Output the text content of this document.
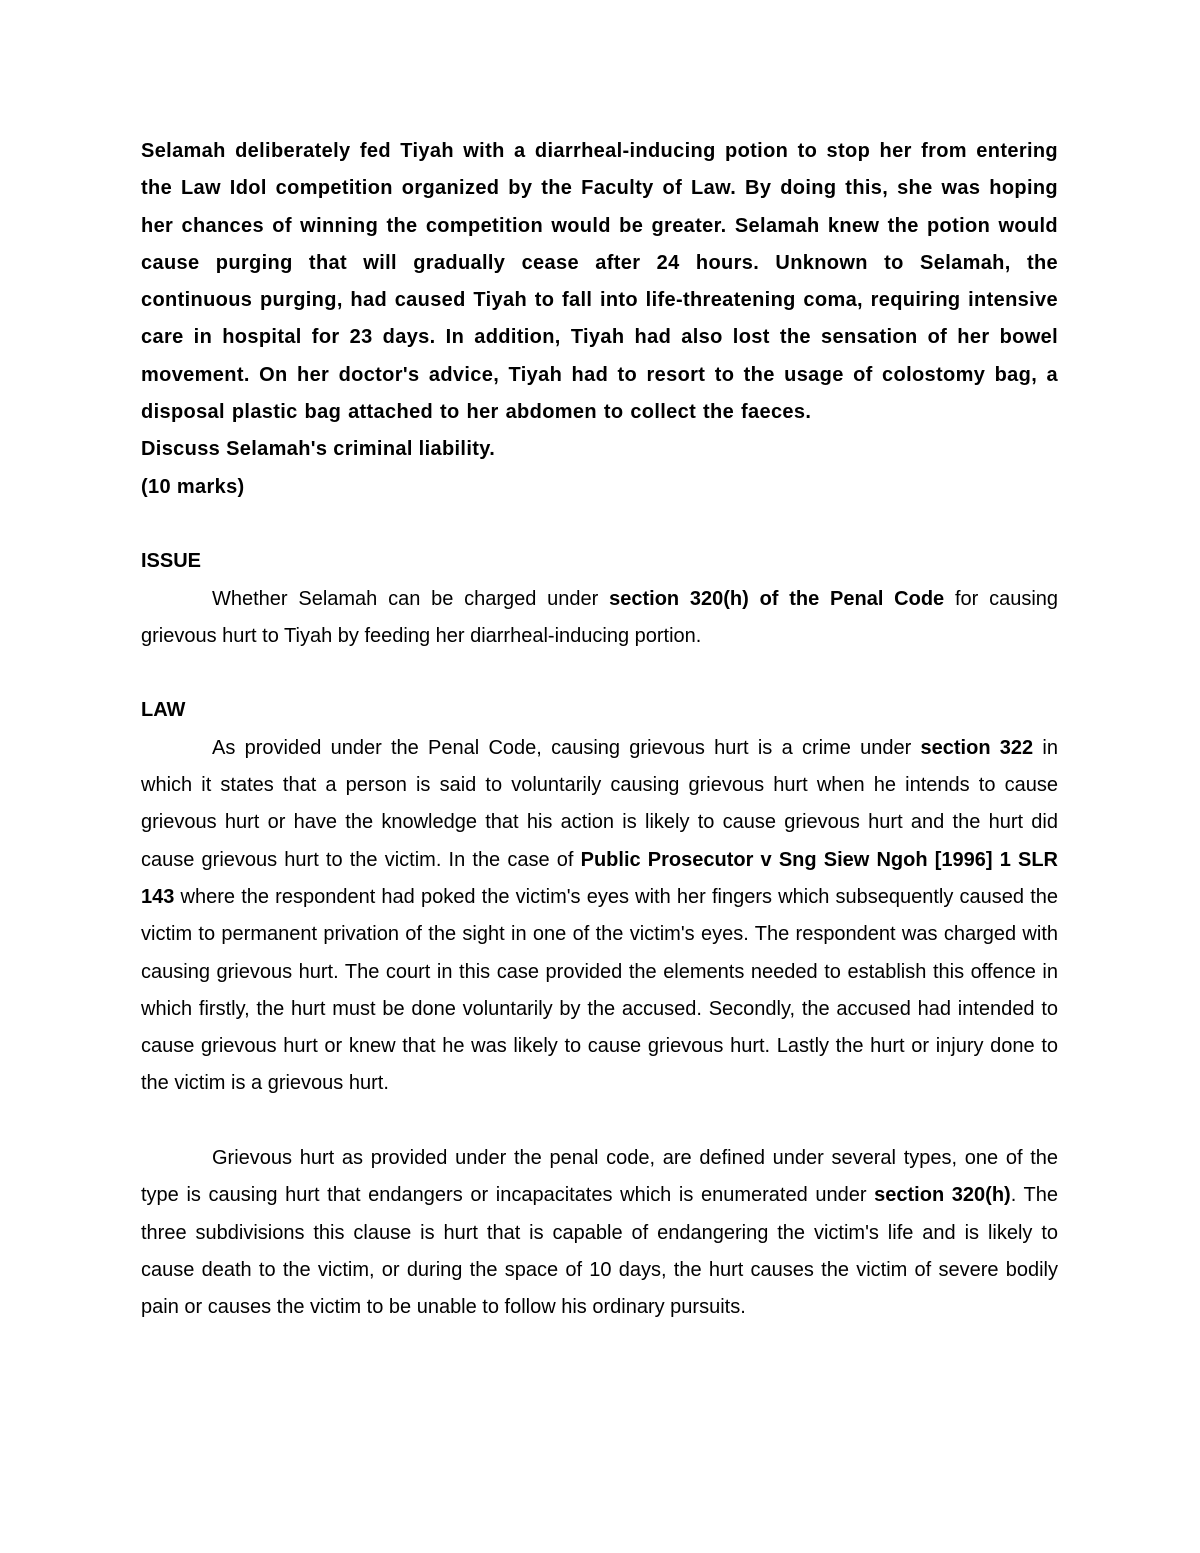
Selamah deliberately fed Tiyah with a diarrheal-inducing potion to stop her from entering the Law Idol competition organized by the Faculty of Law. By doing this, she was hoping her chances of winning the competition would be greater. Selamah knew the potion would cause purging that will gradually cease after 24 hours. Unknown to Selamah, the continuous purging, had caused Tiyah to fall into life-threatening coma, requiring intensive care in hospital for 23 days. In addition, Tiyah had also lost the sensation of her bowel movement. On her doctor's advice, Tiyah had to resort to the usage of colostomy bag, a disposal plastic bag attached to her abdomen to collect the faeces.

Discuss Selamah's criminal liability.

(10 marks)

ISSUE

Whether Selamah can be charged under section 320(h) of the Penal Code for causing grievous hurt to Tiyah by feeding her diarrheal-inducing portion.

LAW

As provided under the Penal Code, causing grievous hurt is a crime under section 322 in which it states that a person is said to voluntarily causing grievous hurt when he intends to cause grievous hurt or have the knowledge that his action is likely to cause grievous hurt and the hurt did cause grievous hurt to the victim. In the case of Public Prosecutor v Sng Siew Ngoh [1996] 1 SLR 143 where the respondent had poked the victim's eyes with her fingers which subsequently caused the victim to permanent privation of the sight in one of the victim's eyes. The respondent was charged with causing grievous hurt. The court in this case provided the elements needed to establish this offence in which firstly, the hurt must be done voluntarily by the accused. Secondly, the accused had intended to cause grievous hurt or knew that he was likely to cause grievous hurt. Lastly the hurt or injury done to the victim is a grievous hurt.

Grievous hurt as provided under the penal code, are defined under several types, one of the type is causing hurt that endangers or incapacitates which is enumerated under section 320(h). The three subdivisions this clause is hurt that is capable of endangering the victim's life and is likely to cause death to the victim, or during the space of 10 days, the hurt causes the victim of severe bodily pain or causes the victim to be unable to follow his ordinary pursuits.
